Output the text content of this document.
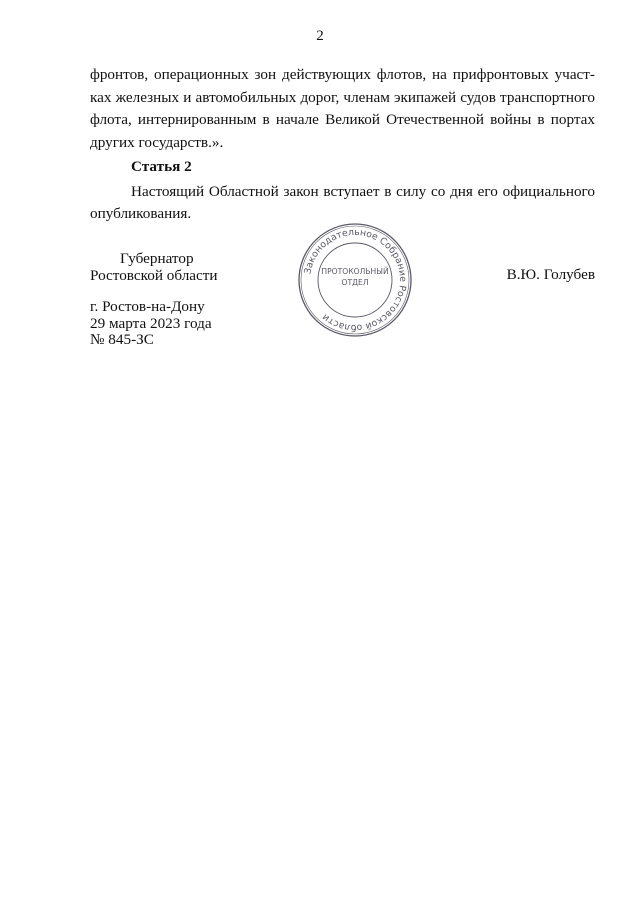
2

фронтов, операционных зон действующих флотов, на прифронтовых участ-
ках железных и автомобильных дорог, членам экипажей судов транспортного
флота, интернированным в начале Великой Отечественной войны в портах
других государств.».

Статья 2

Настоящий Областной закон вступает в силу со дня его официального
опубликования.

Губернатор
Ростовской области	В.Ю. Голубев
г. Ростов-на-Дону
29 марта 2023 года
№ 845-ЗС
Законодательное Собрание Ростовской области
ПРОТОКОЛЬНЫЙ
ОТДЕЛ
